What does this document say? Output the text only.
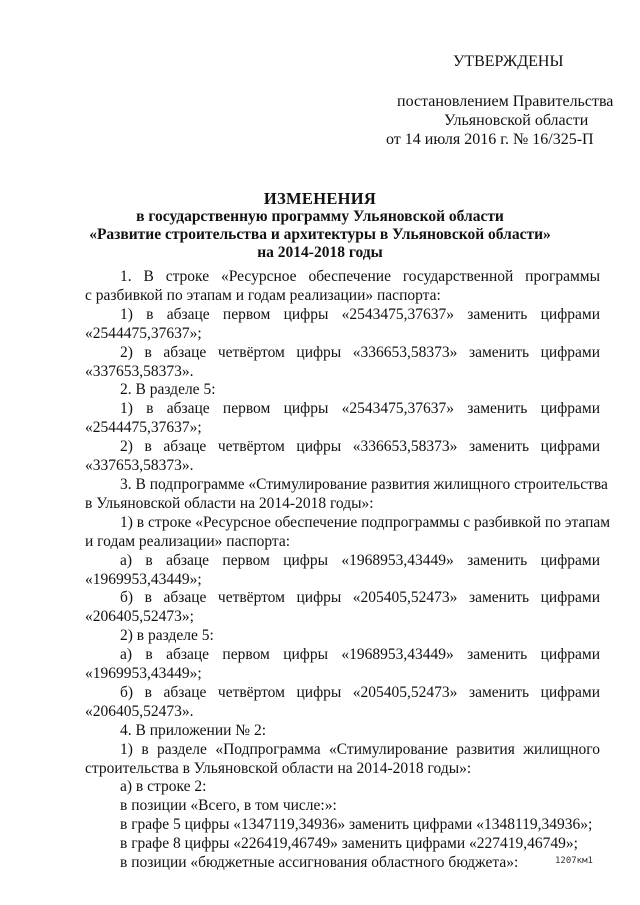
УТВЕРЖДЕНЫ
постановлением Правительства
Ульяновской области
от 14 июля 2016 г. № 16/325-П
ИЗМЕНЕНИЯ
в государственную программу Ульяновской области
«Развитие строительства и архитектуры в Ульяновской области»
на 2014-2018 годы
1. В строке «Ресурсное обеспечение государственной программы
с разбивкой по этапам и годам реализации» паспорта:
1) в абзаце первом цифры «2543475,37637» заменить цифрами
«2544475,37637»;
2) в абзаце четвёртом цифры «336653,58373» заменить цифрами
«337653,58373».
2. В разделе 5:
1) в абзаце первом цифры «2543475,37637» заменить цифрами
«2544475,37637»;
2) в абзаце четвёртом цифры «336653,58373» заменить цифрами
«337653,58373».
3. В подпрограмме «Стимулирование развития жилищного строительства
в Ульяновской области на 2014-2018 годы»:
1) в строке «Ресурсное обеспечение подпрограммы с разбивкой по этапам
и годам реализации» паспорта:
а) в абзаце первом цифры «1968953,43449» заменить цифрами
«1969953,43449»;
б) в абзаце четвёртом цифры «205405,52473» заменить цифрами
«206405,52473»;
2) в разделе 5:
а) в абзаце первом цифры «1968953,43449» заменить цифрами
«1969953,43449»;
б) в абзаце четвёртом цифры «205405,52473» заменить цифрами
«206405,52473».
4. В приложении № 2:
1) в разделе «Подпрограмма «Стимулирование развития жилищного
строительства в Ульяновской области на 2014-2018 годы»:
а) в строке 2:
в позиции «Всего, в том числе:»:
в графе 5 цифры «1347119,34936» заменить цифрами «1348119,34936»;
в графе 8 цифры «226419,46749» заменить цифрами «227419,46749»;
в позиции «бюджетные ассигнования областного бюджета»:	1207км1
